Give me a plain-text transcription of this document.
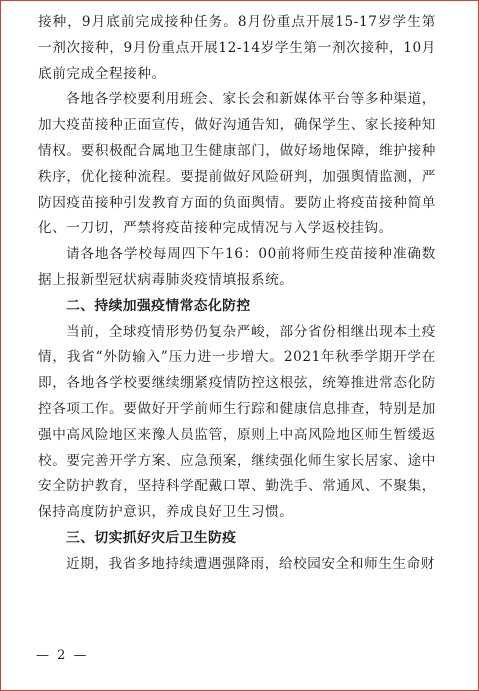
接种，9月底前完成接种任务。8月份重点开展15-17岁学生第一剂次接种，9月份重点开展12-14岁学生第一剂次接种，10月底前完成全程接种。

各地各学校要利用班会、家长会和新媒体平台等多种渠道，加大疫苗接种正面宣传，做好沟通告知，确保学生、家长接种知情权。要积极配合属地卫生健康部门，做好场地保障，维护接种秩序，优化接种流程。要提前做好风险研判，加强舆情监测，严防因疫苗接种引发教育方面的负面舆情。要防止将疫苗接种简单化、一刀切，严禁将疫苗接种完成情况与入学返校挂钩。

请各地各学校每周四下午16：00前将师生疫苗接种准确数据上报新型冠状病毒肺炎疫情填报系统。

二、持续加强疫情常态化防控

当前，全球疫情形势仍复杂严峻，部分省份相继出现本土疫情，我省“外防输入”压力进一步增大。2021年秋季学期开学在即，各地各学校要继续绷紧疫情防控这根弦，统筹推进常态化防控各项工作。要做好开学前师生行踪和健康信息排查，特别是加强中高风险地区来豫人员监管，原则上中高风险地区师生暂缓返校。要完善开学方案、应急预案，继续强化师生家长居家、途中安全防护教育，坚持科学配戴口罩、勤洗手、常通风、不聚集，保持高度防护意识，养成良好卫生习惯。

三、切实抓好灾后卫生防疫

近期，我省多地持续遭遇强降雨，给校园安全和师生生命财

— 2 —
